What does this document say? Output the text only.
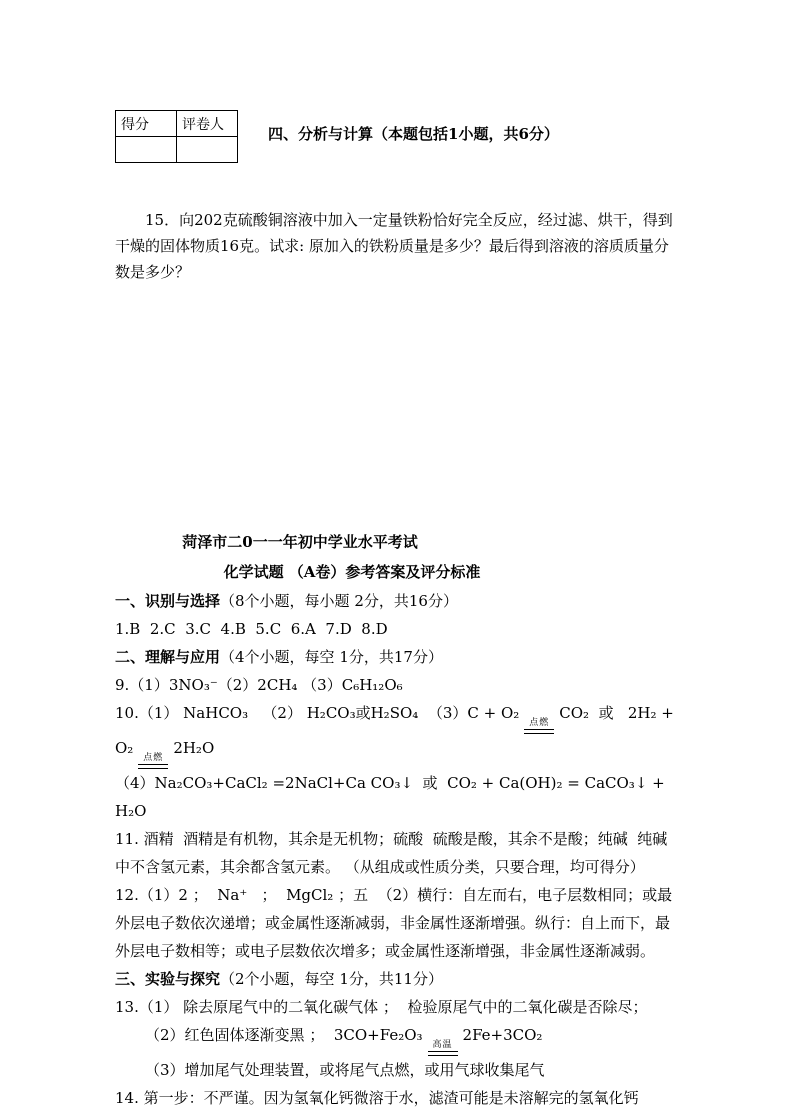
得分	评卷人

四、分析与计算（本题包括1小题，共6分）

15．向202克硫酸铜溶液中加入一定量铁粉恰好完全反应，经过滤、烘干，得到干燥的固体物质16克。试求: 原加入的铁粉质量是多少？最后得到溶液的溶质质量分数是多少？

菏泽市二0一一年初中学业水平考试
化学试题 （A卷）参考答案及评分标准

一、识别与选择（8个小题，每小题 2分，共16分）

1.B  2.C  3.C  4.B  5.C  6.A  7.D  8.D

二、理解与应用（4个小题，每空 1分，共17分）

9.（1）3NO₃⁻（2）2CH₄ （3）C₆H₁₂O₆

10.（1） NaHCO₃   （2） H₂CO₃或H₂SO₄  （3）C + O₂
点燃
CO₂  或   2H₂ + O₂
点燃
2H₂O

（4）Na₂CO₃+CaCl₂ =2NaCl+Ca CO₃↓  或  CO₂ + Ca(OH)₂ = CaCO₃↓ + H₂O

11. 酒精  酒精是有机物，其余是无机物；硫酸  硫酸是酸，其余不是酸；纯碱  纯碱中不含氢元素，其余都含氢元素。 （从组成或性质分类，只要合理，均可得分）

12.（1）2 ；  Na⁺   ；  MgCl₂ ；五  （2）横行：自左而右，电子层数相同；或最外层电子数依次递增；或金属性逐渐减弱，非金属性逐渐增强。纵行：自上而下，最外层电子数相等；或电子层数依次增多；或金属性逐渐增强，非金属性逐渐减弱。

三、实验与探究（2个小题，每空 1分，共11分）

13.（1） 除去原尾气中的二氧化碳气体 ；  检验原尾气中的二氧化碳是否除尽；

（2）红色固体逐渐变黑 ；  3CO+Fe₂O₃
高温
2Fe+3CO₂

（3）增加尾气处理装置，或将尾气点燃，或用气球收集尾气

14. 第一步：不严谨。因为氢氧化钙微溶于水，滤渣可能是未溶解完的氢氧化钙
